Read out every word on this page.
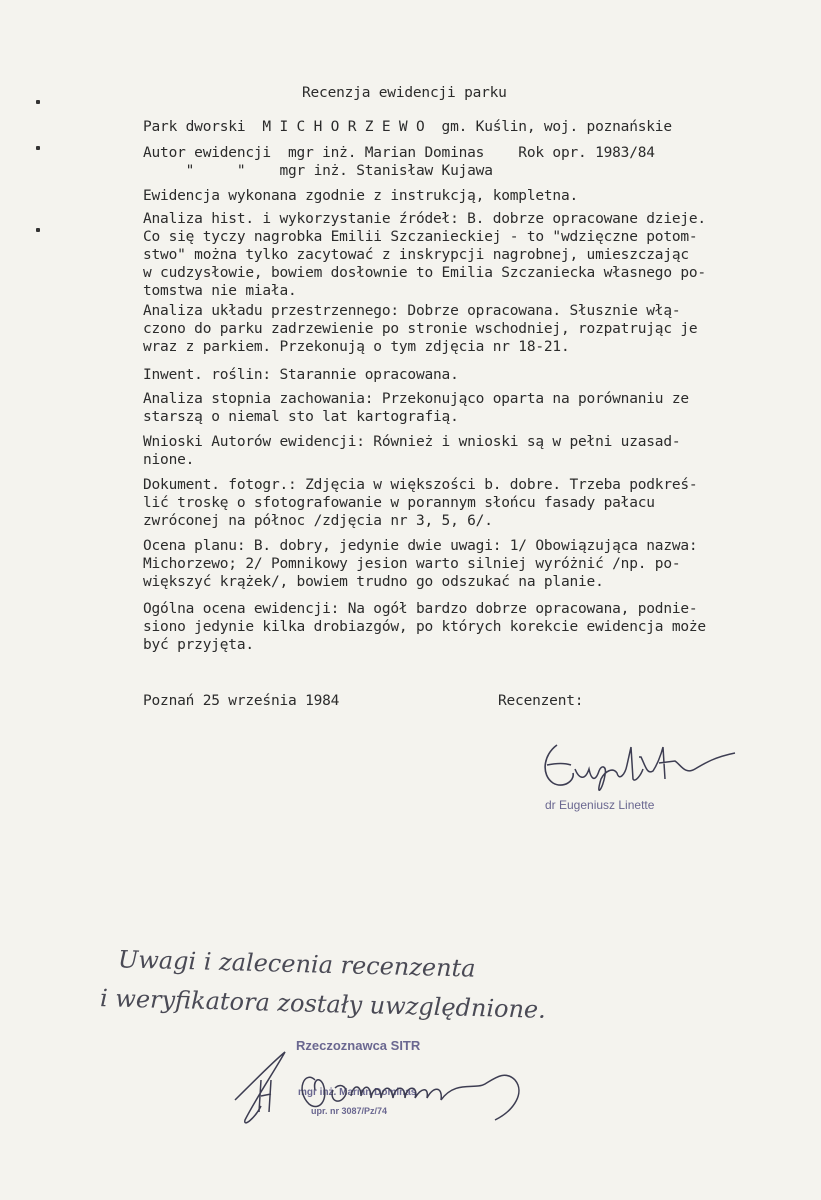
Recenzja ewidencji parku
Park dworski  M I C H O R Z E W O  gm. Kuślin, woj. poznańskie
Autor ewidencji  mgr inż. Marian Dominas    Rok opr. 1983/84
"     "    mgr inż. Stanisław Kujawa
Ewidencja wykonana zgodnie z instrukcją, kompletna.
Analiza hist. i wykorzystanie źródeł: B. dobrze opracowane dzieje.
Co się tyczy nagrobka Emilii Szczanieckiej - to "wdzięczne potom-
stwo" można tylko zacytować z inskrypcji nagrobnej, umieszczając
w cudzysłowie, bowiem dosłownie to Emilia Szczaniecka własnego po-
tomstwa nie miała.
Analiza układu przestrzennego: Dobrze opracowana. Słusznie włą-
czono do parku zadrzewienie po stronie wschodniej, rozpatrując je
wraz z parkiem. Przekonują o tym zdjęcia nr 18-21.
Inwent. roślin: Starannie opracowana.
Analiza stopnia zachowania: Przekonująco oparta na porównaniu ze
starszą o niemal sto lat kartografią.
Wnioski Autorów ewidencji: Również i wnioski są w pełni uzasad-
nione.
Dokument. fotogr.: Zdjęcia w większości b. dobre. Trzeba podkreś-
lić troskę o sfotografowanie w porannym słońcu fasady pałacu
zwróconej na północ /zdjęcia nr 3, 5, 6/.
Ocena planu: B. dobry, jedynie dwie uwagi: 1/ Obowiązująca nazwa:
Michorzewo; 2/ Pomnikowy jesion warto silniej wyróżnić /np. po-
większyć krążek/, bowiem trudno go odszukać na planie.
Ogólna ocena ewidencji: Na ogół bardzo dobrze opracowana, podnie-
siono jedynie kilka drobiazgów, po których korekcie ewidencja może
być przyjęta.
Poznań 25 września 1984	Recenzent:
dr Eugeniusz Linette
Uwagi i zalecenia recenzenta
i weryfikatora zostały uwzględnione.
Rzeczoznawca SITR
mgr inż. Marian Dominas
upr. nr 3087/Pz/74
